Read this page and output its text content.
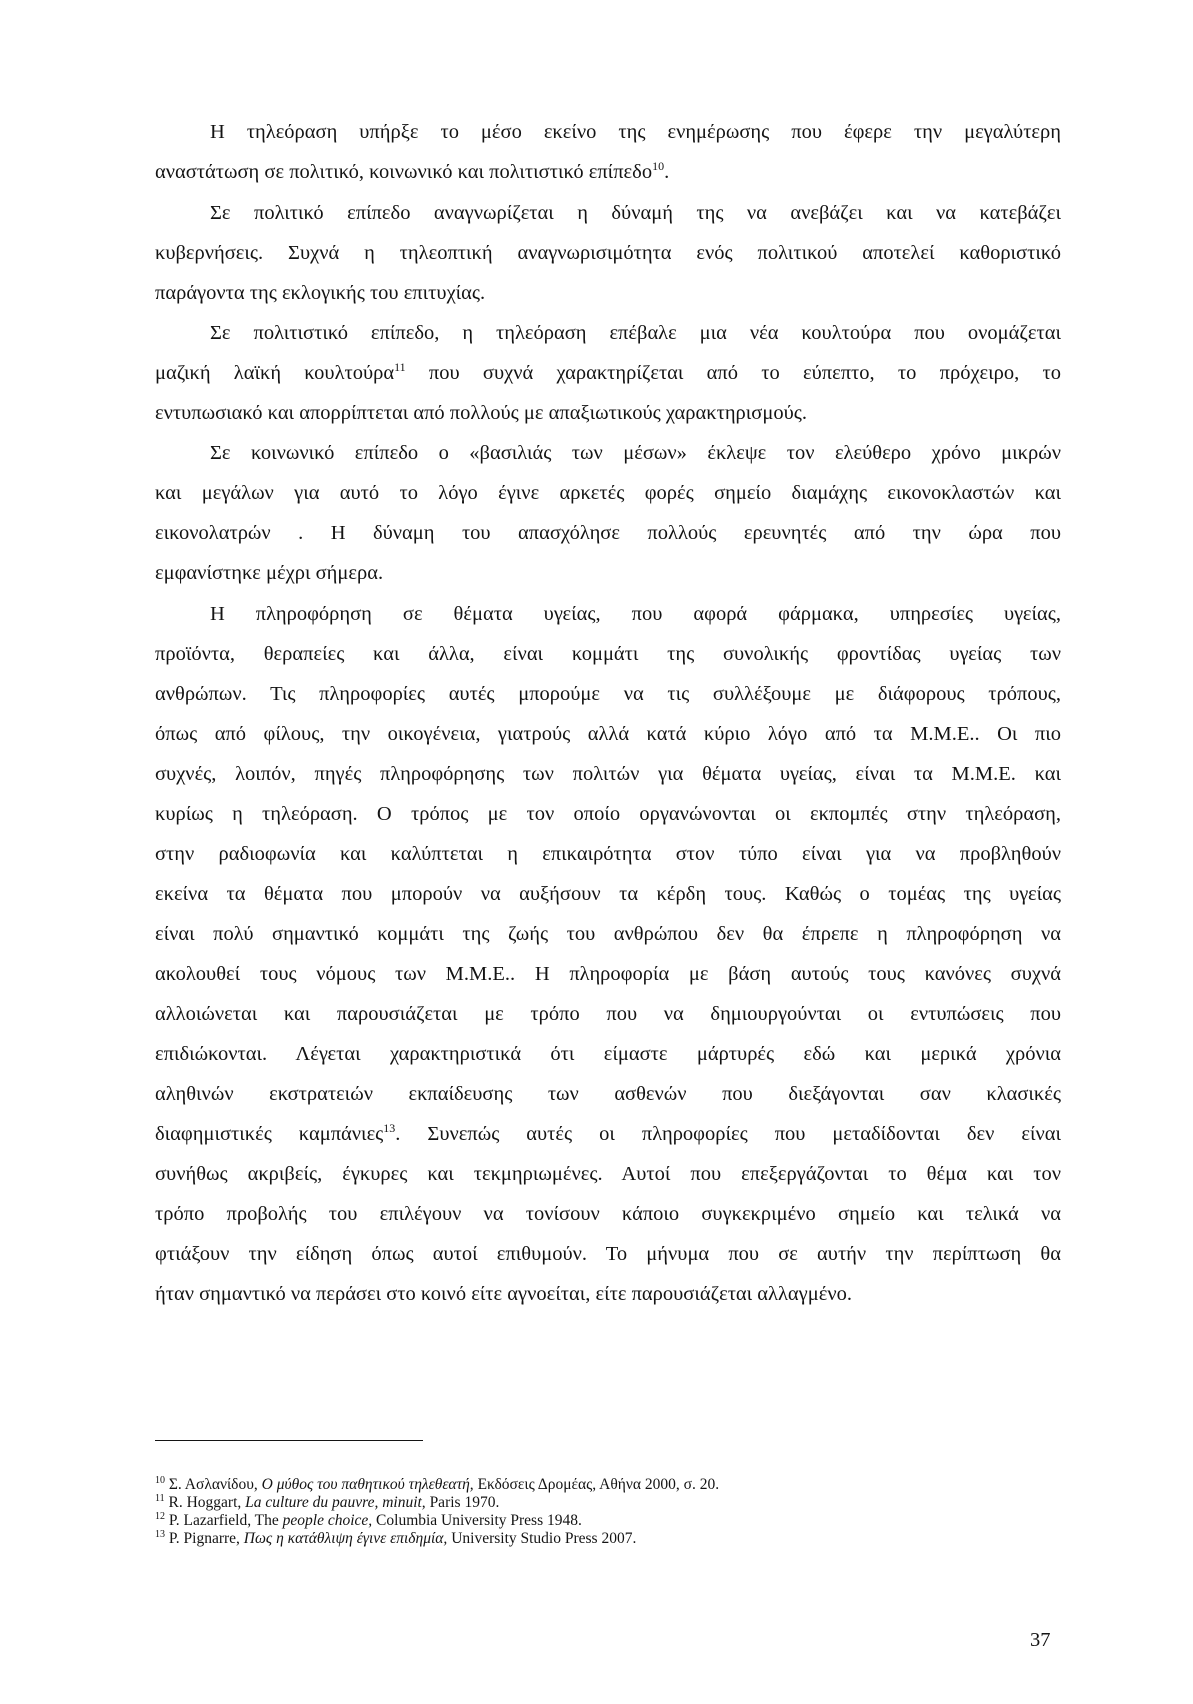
Η τηλεόραση υπήρξε το μέσο εκείνο της ενημέρωσης που έφερε την μεγαλύτερη
αναστάτωση σε πολιτικό, κοινωνικό και πολιτιστικό επίπεδο$^{10}$.
Σε πολιτικό επίπεδο αναγνωρίζεται η δύναμή της να ανεβάζει και να κατεβάζει
κυβερνήσεις. Συχνά η τηλεοπτική αναγνωρισιμότητα ενός πολιτικού αποτελεί καθοριστικό
παράγοντα της εκλογικής του επιτυχίας.
Σε πολιτιστικό επίπεδο, η τηλεόραση επέβαλε μια νέα κουλτούρα που ονομάζεται
μαζική λαϊκή κουλτούρα$^{11}$ που συχνά χαρακτηρίζεται από το εύπεπτο, το πρόχειρο, το
εντυπωσιακό και απορρίπτεται από πολλούς με απαξιωτικούς χαρακτηρισμούς.
Σε κοινωνικό επίπεδο ο «βασιλιάς των μέσων» έκλεψε τον ελεύθερο χρόνο μικρών
και μεγάλων για αυτό το λόγο έγινε αρκετές φορές σημείο διαμάχης εικονοκλαστών και
εικονολατρών . Η δύναμη του απασχόλησε πολλούς ερευνητές από την ώρα που
εμφανίστηκε μέχρι σήμερα.
Η πληροφόρηση σε θέματα υγείας, που αφορά φάρμακα, υπηρεσίες υγείας,
προϊόντα, θεραπείες και άλλα, είναι κομμάτι της συνολικής φροντίδας υγείας των
ανθρώπων. Τις πληροφορίες αυτές μπορούμε να τις συλλέξουμε με διάφορους τρόπους,
όπως από φίλους, την οικογένεια, γιατρούς αλλά κατά κύριο λόγο από τα Μ.Μ.Ε.. Οι πιο
συχνές, λοιπόν, πηγές πληροφόρησης των πολιτών για θέματα υγείας, είναι τα Μ.Μ.Ε. και
κυρίως η τηλεόραση. Ο τρόπος με τον οποίο οργανώνονται οι εκπομπές στην τηλεόραση,
στην ραδιοφωνία και καλύπτεται η επικαιρότητα στον τύπο είναι για να προβληθούν
εκείνα τα θέματα που μπορούν να αυξήσουν τα κέρδη τους. Καθώς ο τομέας της υγείας
είναι πολύ σημαντικό κομμάτι της ζωής του ανθρώπου δεν θα έπρεπε η πληροφόρηση να
ακολουθεί τους νόμους των Μ.Μ.Ε.. Η πληροφορία με βάση αυτούς τους κανόνες συχνά
αλλοιώνεται και παρουσιάζεται με τρόπο που να δημιουργούνται οι εντυπώσεις που
επιδιώκονται. Λέγεται χαρακτηριστικά ότι είμαστε μάρτυρές εδώ και μερικά χρόνια
αληθινών εκστρατειών εκπαίδευσης των ασθενών που διεξάγονται σαν κλασικές
διαφημιστικές καμπάνιες$^{13}$. Συνεπώς αυτές οι πληροφορίες που μεταδίδονται δεν είναι
συνήθως ακριβείς, έγκυρες και τεκμηριωμένες. Αυτοί που επεξεργάζονται το θέμα και τον
τρόπο προβολής του επιλέγουν να τονίσουν κάποιο συγκεκριμένο σημείο και τελικά να
φτιάξουν την είδηση όπως αυτοί επιθυμούν. Το μήνυμα που σε αυτήν την περίπτωση θα
ήταν σημαντικό να περάσει στο κοινό είτε αγνοείται, είτε παρουσιάζεται αλλαγμένο.
$^{10}$ Σ. Ασλανίδου, Ο μύθος του παθητικού τηλεθεατή, Εκδόσεις Δρομέας, Αθήνα 2000, σ. 20.
$^{11}$ R. Hoggart, La culture du pauvre, minuit, Paris 1970.
$^{12}$ P. Lazarfield, The people choice, Columbia University Press 1948.
$^{13}$ P. Pignarre, Πως η κατάθλιψη έγινε επιδημία, University Studio Press 2007.
37
